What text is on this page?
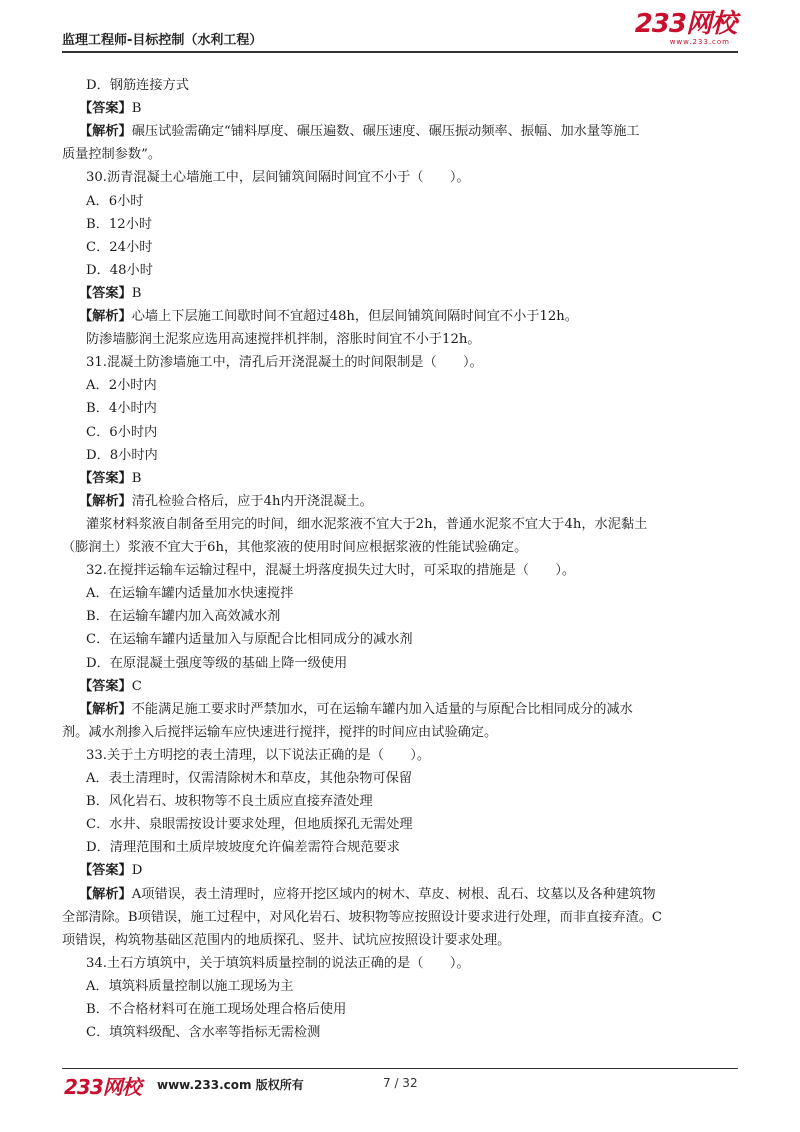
监理工程师-目标控制（水利工程）
233网校
www.233.com
D．钢筋连接方式
【答案】B
【解析】碾压试验需确定“铺料厚度、碾压遍数、碾压速度、碾压振动频率、振幅、加水量等施工
质量控制参数”。
30.沥青混凝土心墙施工中，层间铺筑间隔时间宜不小于（　　）。
A．6小时
B．12小时
C．24小时
D．48小时
【答案】B
【解析】心墙上下层施工间歇时间不宜超过48h，但层间铺筑间隔时间宜不小于12h。
防渗墙膨润土泥浆应选用高速搅拌机拌制，溶胀时间宜不小于12h。
31.混凝土防渗墙施工中，清孔后开浇混凝土的时间限制是（　　）。
A．2小时内
B．4小时内
C．6小时内
D．8小时内
【答案】B
【解析】清孔检验合格后，应于4h内开浇混凝土。
灌浆材料浆液自制备至用完的时间，细水泥浆液不宜大于2h，普通水泥浆不宜大于4h，水泥黏土
（膨润土）浆液不宜大于6h，其他浆液的使用时间应根据浆液的性能试验确定。
32.在搅拌运输车运输过程中，混凝土坍落度损失过大时，可采取的措施是（　　）。
A．在运输车罐内适量加水快速搅拌
B．在运输车罐内加入高效减水剂
C．在运输车罐内适量加入与原配合比相同成分的减水剂
D．在原混凝土强度等级的基础上降一级使用
【答案】C
【解析】不能满足施工要求时严禁加水，可在运输车罐内加入适量的与原配合比相同成分的减水
剂。减水剂掺入后搅拌运输车应快速进行搅拌，搅拌的时间应由试验确定。
33.关于土方明挖的表土清理，以下说法正确的是（　　）。
A．表土清理时，仅需清除树木和草皮，其他杂物可保留
B．风化岩石、坡积物等不良土质应直接弃渣处理
C．水井、泉眼需按设计要求处理，但地质探孔无需处理
D．清理范围和土质岸坡坡度允许偏差需符合规范要求
【答案】D
【解析】A项错误，表土清理时，应将开挖区域内的树木、草皮、树根、乱石、坟墓以及各种建筑物
全部清除。B项错误，施工过程中，对风化岩石、坡积物等应按照设计要求进行处理，而非直接弃渣。C
项错误，构筑物基础区范围内的地质探孔、竖井、试坑应按照设计要求处理。
34.土石方填筑中，关于填筑料质量控制的说法正确的是（　　）。
A．填筑料质量控制以施工现场为主
B．不合格材料可在施工现场处理合格后使用
C．填筑料级配、含水率等指标无需检测
233网校 www.233.com 版权所有	7 / 32
